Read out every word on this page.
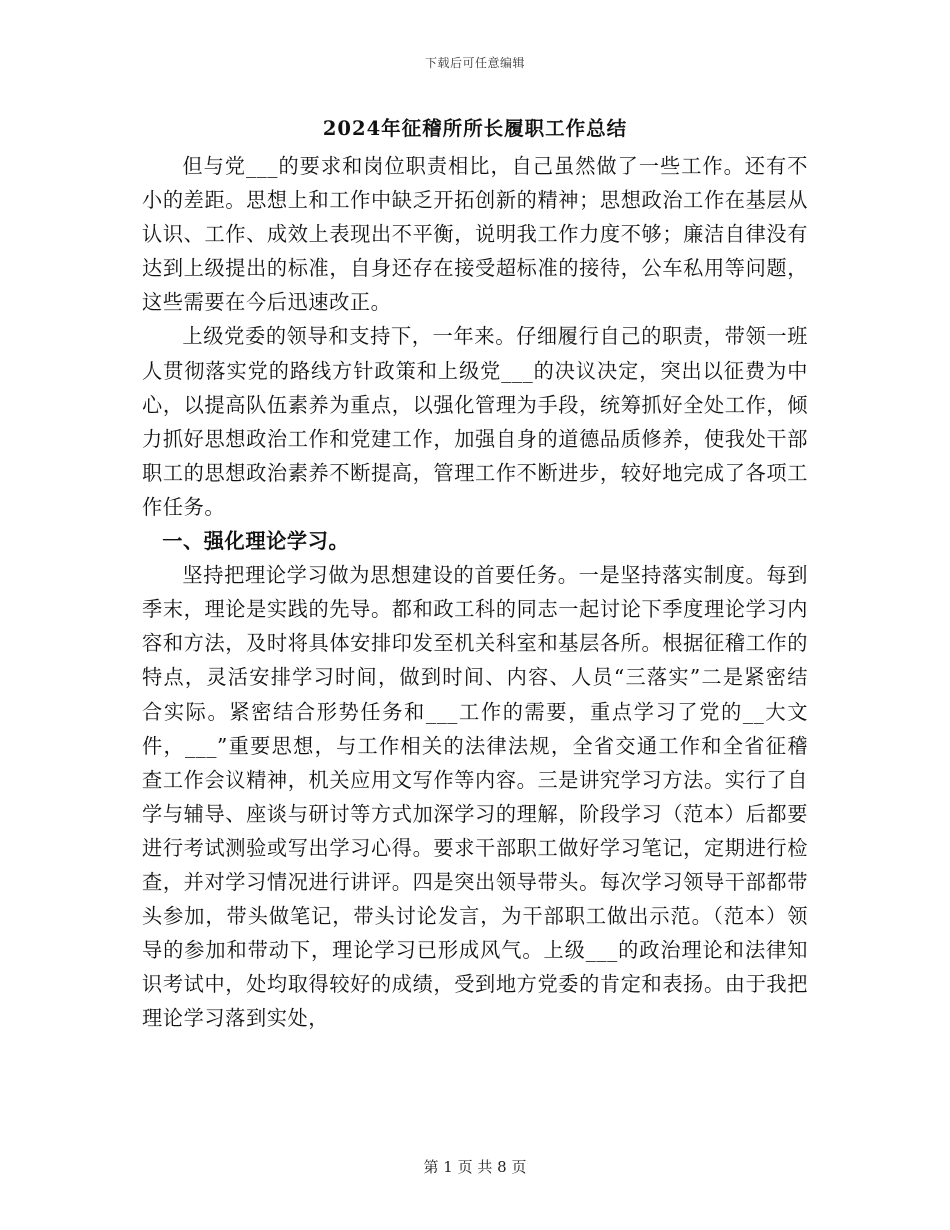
下载后可任意编辑
2024年征稽所所长履职工作总结

但与党___的要求和岗位职责相比，自己虽然做了一些工作。还有不小的差距。思想上和工作中缺乏开拓创新的精神；思想政治工作在基层从认识、工作、成效上表现出不平衡，说明我工作力度不够；廉洁自律没有达到上级提出的标准，自身还存在接受超标准的接待，公车私用等问题，这些需要在今后迅速改正。

上级党委的领导和支持下，一年来。仔细履行自己的职责，带领一班人贯彻落实党的路线方针政策和上级党___的决议决定，突出以征费为中心，以提高队伍素养为重点，以强化管理为手段，统筹抓好全处工作，倾力抓好思想政治工作和党建工作，加强自身的道德品质修养，使我处干部职工的思想政治素养不断提高，管理工作不断进步，较好地完成了各项工作任务。

一、强化理论学习。

坚持把理论学习做为思想建设的首要任务。一是坚持落实制度。每到季末，理论是实践的先导。都和政工科的同志一起讨论下季度理论学习内容和方法，及时将具体安排印发至机关科室和基层各所。根据征稽工作的特点，灵活安排学习时间，做到时间、内容、人员“三落实”二是紧密结合实际。紧密结合形势任务和___工作的需要，重点学习了党的__大文件，___”重要思想，与工作相关的法律法规，全省交通工作和全省征稽查工作会议精神，机关应用文写作等内容。三是讲究学习方法。实行了自学与辅导、座谈与研讨等方式加深学习的理解，阶段学习（范本）后都要进行考试测验或写出学习心得。要求干部职工做好学习笔记，定期进行检查，并对学习情况进行讲评。四是突出领导带头。每次学习领导干部都带头参加，带头做笔记，带头讨论发言，为干部职工做出示范。（范本）领导的参加和带动下，理论学习已形成风气。上级___的政治理论和法律知识考试中，处均取得较好的成绩，受到地方党委的肯定和表扬。由于我把理论学习落到实处，

第 1 页 共 8 页
